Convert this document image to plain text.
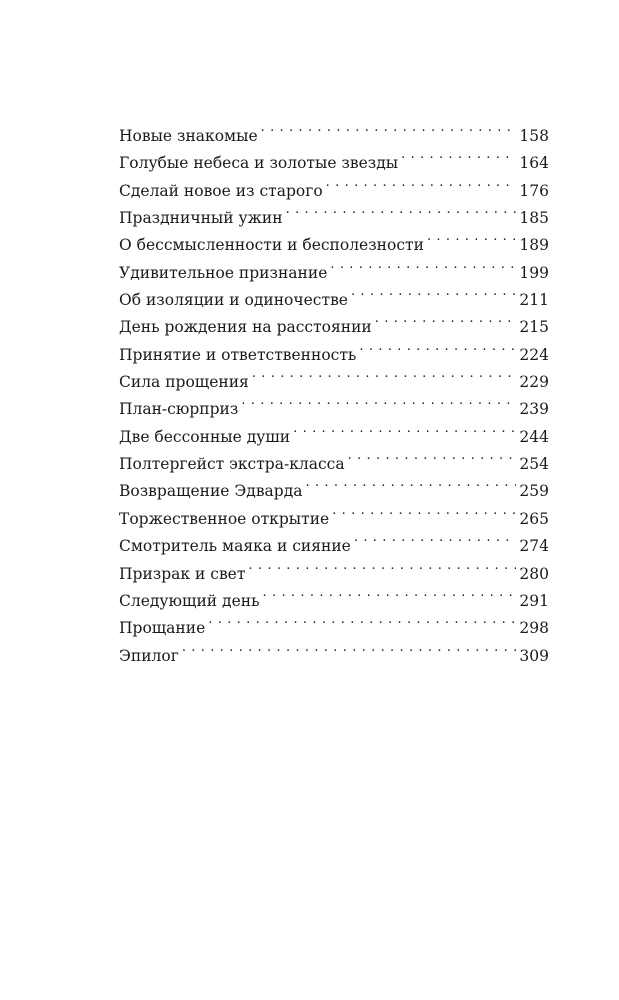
Новые знакомые . . .	158
Голубые небеса и золотые звезды . . .	164
Сделай новое из старого . . .	176
Праздничный ужин . . .	185
О бессмысленности и бесполезности . . .	189
Удивительное признание . . .	199
Об изоляции и одиночестве . . .	211
День рождения на расстоянии . . .	215
Принятие и ответственность . . .	224
Сила прощения . . .	229
План-сюрприз . . .	239
Две бессонные души . . .	244
Полтергейст экстра-класса . . .	254
Возвращение Эдварда . . .	259
Торжественное открытие . . .	265
Смотритель маяка и сияние . . .	274
Призрак и свет . . .	280
Следующий день . . .	291
Прощание . . .	298
Эпилог . . .	309
